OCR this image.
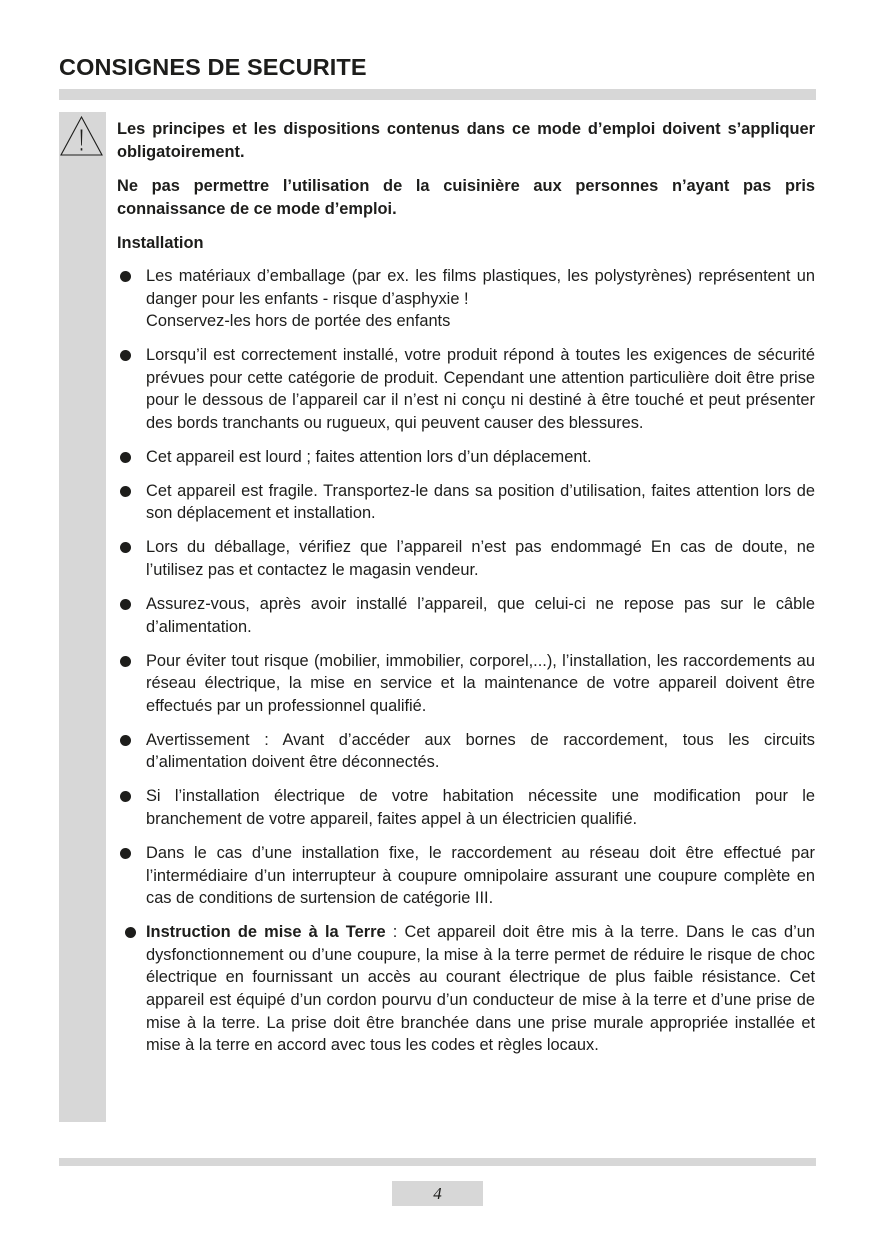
CONSIGNES DE SECURITE

Les principes et les dispositions contenus dans ce mode d’emploi doivent s’appliquer obligatoirement.

Ne pas permettre l’utilisation de la cuisinière aux personnes n’ayant pas pris connaissance de ce mode d’emploi.

Installation

Les matériaux d’emballage (par ex. les films plastiques, les polystyrènes) représentent un danger pour les enfants - risque d’asphyxie !
Conservez-les hors de portée des enfants
Lorsqu’il est correctement installé, votre produit répond à toutes les exigences de sécurité prévues pour cette catégorie de produit. Cependant une attention particulière doit être prise pour le dessous de l’appareil car il n’est ni conçu ni destiné à être touché et peut présenter des bords tranchants ou rugueux, qui peuvent causer des blessures.
Cet appareil est lourd ; faites attention lors d’un déplacement.
Cet appareil est fragile. Transportez-le dans sa position d’utilisation, faites attention lors de son déplacement et installation.
Lors du déballage, vérifiez que l’appareil n’est pas endommagé En cas de doute, ne l’utilisez pas et contactez le magasin vendeur.
Assurez-vous, après avoir installé l’appareil, que celui-ci ne repose pas sur le câble d’alimentation.
Pour éviter tout risque (mobilier, immobilier, corporel,...), l’installation, les raccordements au réseau électrique, la mise en service et la maintenance de votre appareil doivent être effectués par un professionnel qualifié.
Avertissement : Avant d’accéder aux bornes de raccordement, tous les circuits d’alimentation doivent être déconnectés.
Si l’installation électrique de votre habitation nécessite une modification pour le branchement de votre appareil, faites appel à un électricien qualifié.
Dans le cas d’une installation fixe, le raccordement au réseau doit être effectué par l’intermédiaire d’un interrupteur à coupure omnipolaire assurant une coupure complète en cas de conditions de surtension de catégorie III.
Instruction de mise à la Terre : Cet appareil doit être mis à la terre. Dans le cas d’un dysfonctionnement ou d’une coupure, la mise à la terre permet de réduire le risque de choc électrique en fournissant un accès au courant électrique de plus faible résistance. Cet appareil est équipé d’un cordon pourvu d’un conducteur de mise à la terre et d’une prise de mise à la terre. La prise doit être branchée dans une prise murale appropriée installée et mise à la terre en accord avec tous les codes et règles locaux.
4
